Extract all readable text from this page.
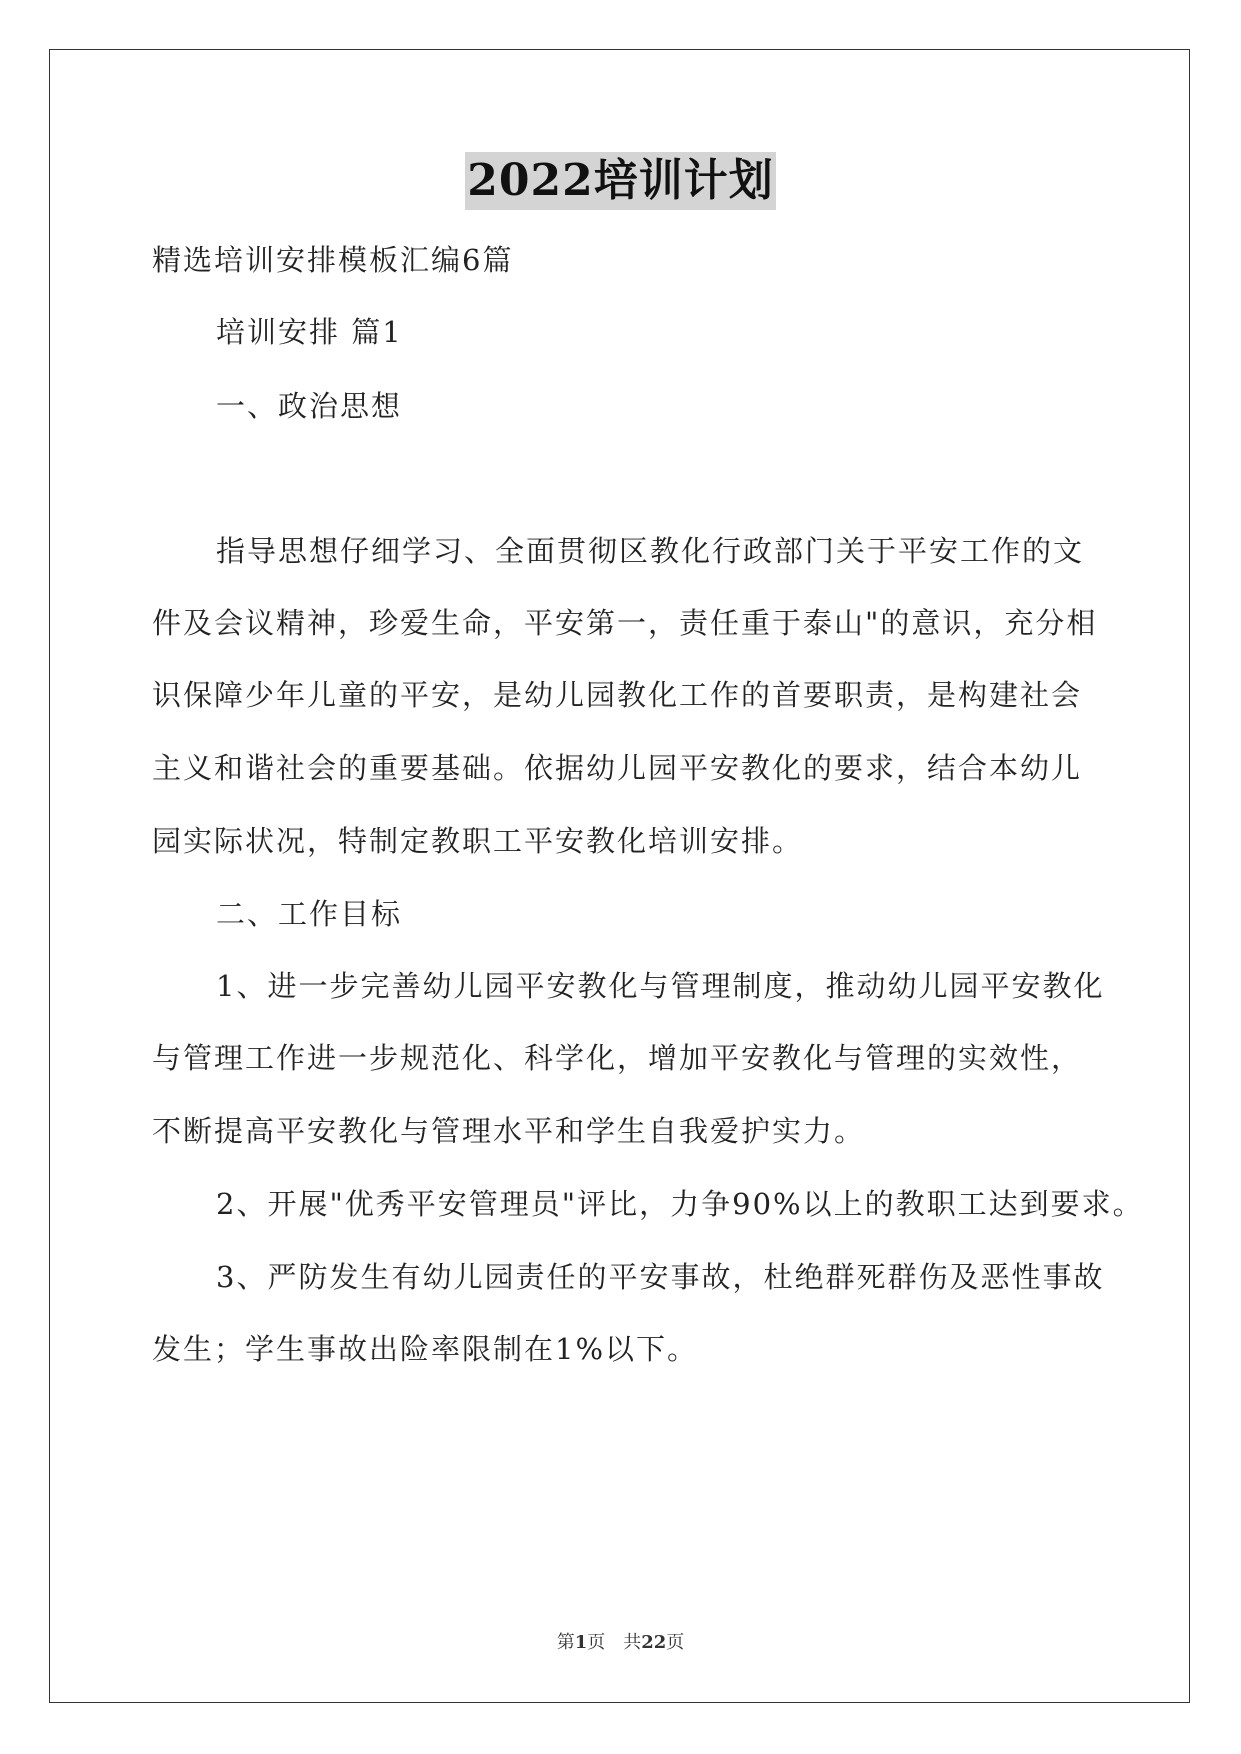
2022培训计划
精选培训安排模板汇编6篇
培训安排 篇1
一、政治思想
指导思想仔细学习、全面贯彻区教化行政部门关于平安工作的文
件及会议精神，珍爱生命，平安第一，责任重于泰山"的意识，充分相
识保障少年儿童的平安，是幼儿园教化工作的首要职责，是构建社会
主义和谐社会的重要基础。依据幼儿园平安教化的要求，结合本幼儿
园实际状况，特制定教职工平安教化培训安排。
二、工作目标
1、进一步完善幼儿园平安教化与管理制度，推动幼儿园平安教化
与管理工作进一步规范化、科学化，增加平安教化与管理的实效性，
不断提高平安教化与管理水平和学生自我爱护实力。
2、开展"优秀平安管理员"评比，力争90%以上的教职工达到要求。
3、严防发生有幼儿园责任的平安事故，杜绝群死群伤及恶性事故
发生；学生事故出险率限制在1%以下。
第1页　共22页
